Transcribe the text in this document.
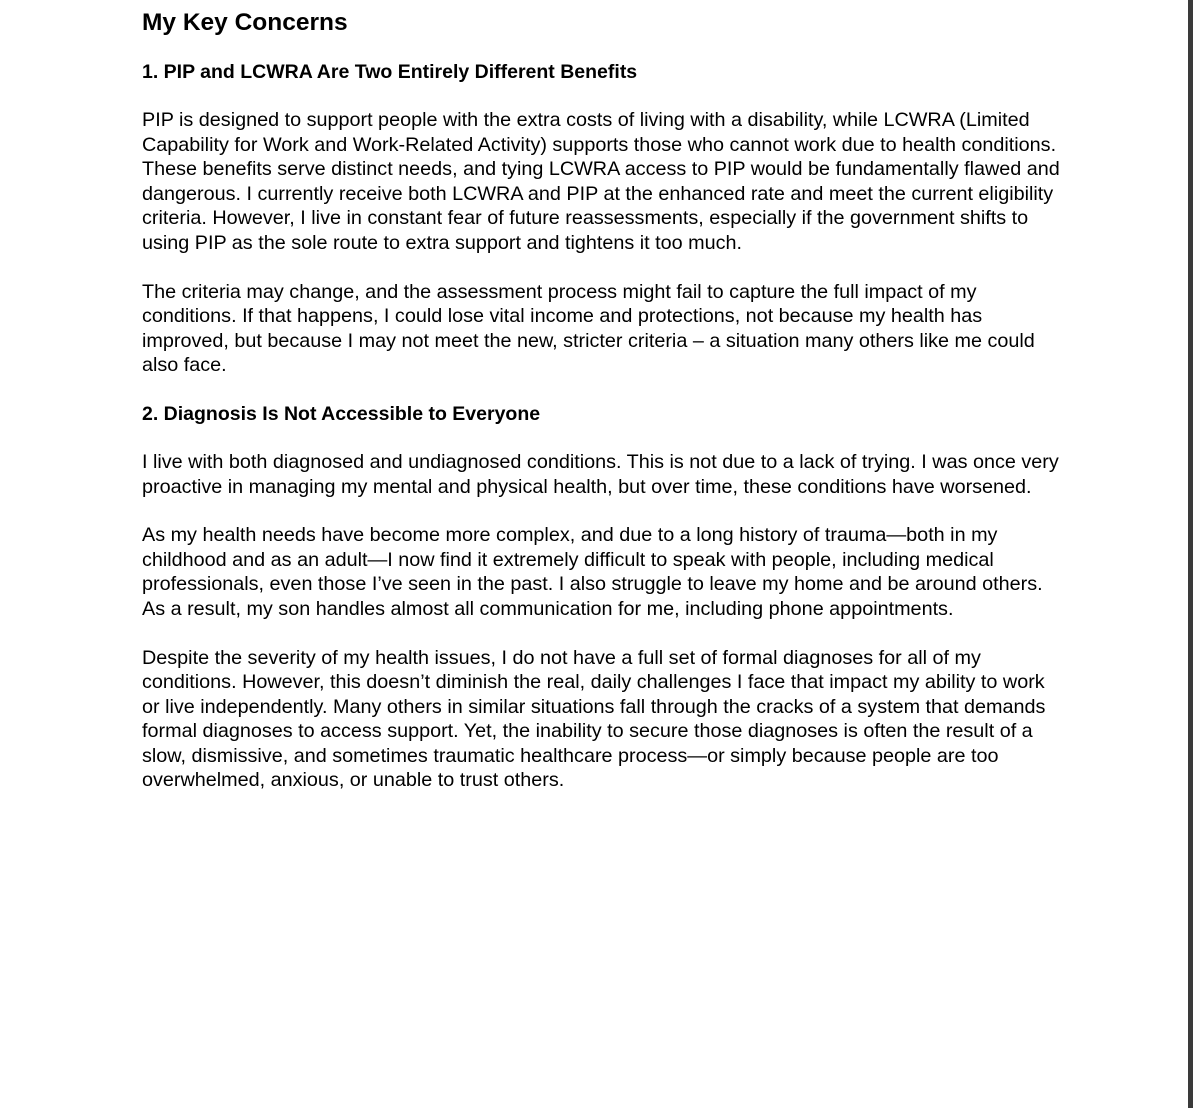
My Key Concerns
1. PIP and LCWRA Are Two Entirely Different Benefits

PIP is designed to support people with the extra costs of living with a disability, while LCWRA (Limited Capability for Work and Work-Related Activity) supports those who cannot work due to health conditions. These benefits serve distinct needs, and tying LCWRA access to PIP would be fundamentally flawed and dangerous. I currently receive both LCWRA and PIP at the enhanced rate and meet the current eligibility criteria. However, I live in constant fear of future reassessments, especially if the government shifts to using PIP as the sole route to extra support and tightens it too much.

The criteria may change, and the assessment process might fail to capture the full impact of my conditions. If that happens, I could lose vital income and protections, not because my health has improved, but because I may not meet the new, stricter criteria – a situation many others like me could also face.

2. Diagnosis Is Not Accessible to Everyone

I live with both diagnosed and undiagnosed conditions. This is not due to a lack of trying. I was once very proactive in managing my mental and physical health, but over time, these conditions have worsened.

As my health needs have become more complex, and due to a long history of trauma—both in my childhood and as an adult—I now find it extremely difficult to speak with people, including medical professionals, even those I’ve seen in the past. I also struggle to leave my home and be around others. As a result, my son handles almost all communication for me, including phone appointments.

Despite the severity of my health issues, I do not have a full set of formal diagnoses for all of my conditions. However, this doesn’t diminish the real, daily challenges I face that impact my ability to work or live independently. Many others in similar situations fall through the cracks of a system that demands formal diagnoses to access support. Yet, the inability to secure those diagnoses is often the result of a slow, dismissive, and sometimes traumatic healthcare process—or simply because people are too overwhelmed, anxious, or unable to trust others.
